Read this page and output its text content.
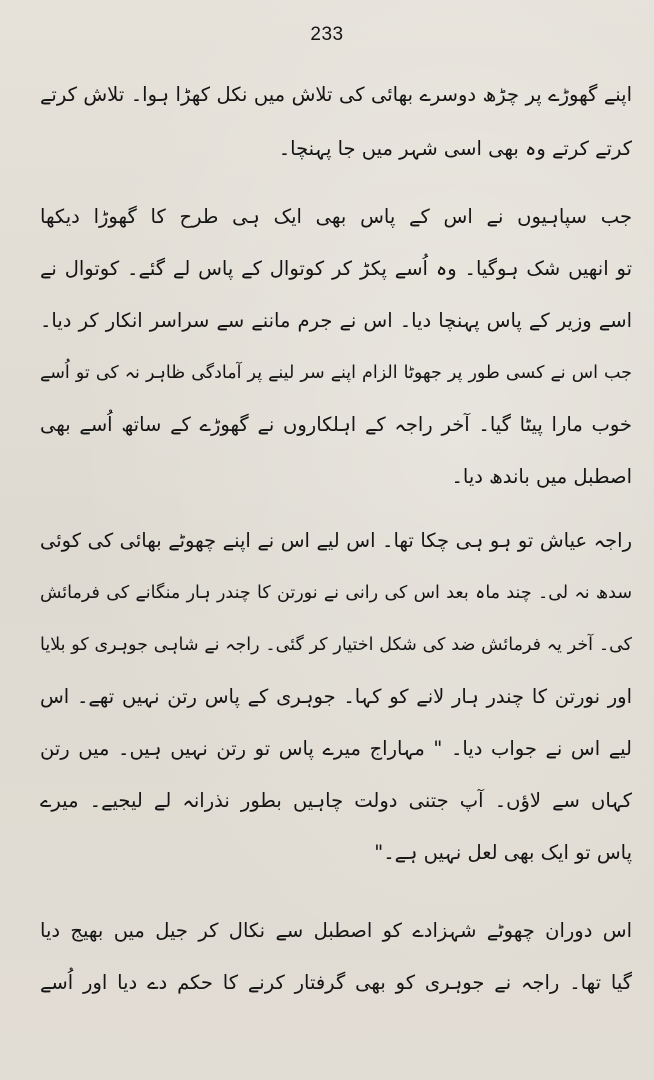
233
اپنے گھوڑے پر چڑھ دوسرے بھائی کی تلاش میں نکل کھڑا ہوا۔ تلاش کرتے
کرتے کرتے وہ بھی اسی شہر میں جا پہنچا۔
جب سپاہیوں نے اس کے پاس بھی ایک ہی طرح کا گھوڑا دیکھا
تو انھیں شک ہوگیا۔ وہ اُسے پکڑ کر کوتوال کے پاس لے گئے۔ کوتوال نے
اسے وزیر کے پاس پہنچا دیا۔ اس نے جرم ماننے سے سراسر انکار کر دیا۔
جب اس نے کسی طور پر جھوٹا الزام اپنے سر لینے پر آمادگی ظاہر نہ کی تو اُسے
خوب مارا پیٹا گیا۔ آخر راجہ کے اہلکاروں نے گھوڑے کے ساتھ اُسے بھی
اصطبل میں باندھ دیا۔
راجہ عیاش تو ہو ہی چکا تھا۔ اس لیے اس نے اپنے چھوٹے بھائی کی کوئی
سدھ نہ لی۔ چند ماہ بعد اس کی رانی نے نورتن کا چندر ہار منگانے کی فرمائش
کی۔ آخر یہ فرمائش ضد کی شکل اختیار کر گئی۔ راجہ نے شاہی جوہری کو بلایا
اور نورتن کا چندر ہار لانے کو کہا۔ جوہری کے پاس رتن نہیں تھے۔ اس
لیے اس نے جواب دیا۔ " مہاراج میرے پاس تو رتن نہیں ہیں۔ میں رتن
کہاں سے لاؤں۔ آپ جتنی دولت چاہیں بطور نذرانہ لے لیجیے۔ میرے
پاس تو ایک بھی لعل نہیں ہے۔"
اس دوران چھوٹے شہزادے کو اصطبل سے نکال کر جیل میں بھیج دیا
گیا تھا۔ راجہ نے جوہری کو بھی گرفتار کرنے کا حکم دے دیا اور اُسے
